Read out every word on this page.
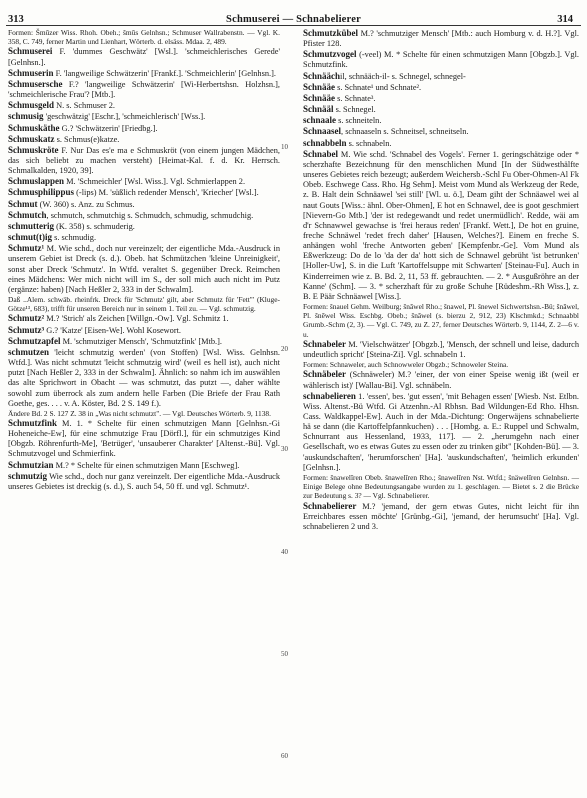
313	Schmuserei — Schnabelierer	314

Formen: Šmūzer Wiss. Rhoh. Obeh.; šmūs Gelnhsn.; Schmuser Wallrabenstn. — Vgl. K. 358, C. 749, ferner Martin und Lienhart, Wörterb. d. elsäss. Mdaa. 2, 489.

Schmuserei F. 'dummes Geschwätz' [Wsl.]. 'schmeichlerisches Gerede' [Gelnhsn.].

Schmuserin F. 'langweilige Schwätzerin' [Frankf.]. 'Schmeichlerin' [Gelnhsn.].

Schmusersche F.? 'langweilige Schwätzerin' [Wi-Herbertshsn. Holzhsn.], 'schmeichlerische Frau'? [Mtb.].

Schmusgeld N. s. Schmuser 2.

schmusig 'geschwätzig' [Eschr.], 'schmeichlerisch' [Wss.].

Schmuskäthe G.? 'Schwätzerin' [Friedbg.].

Schmuskatz s. Schmus(e)katze.

Schmuskröte F. Nur Das es'e ma e Schmuskröt (von einem jungen Mädchen, das sich beliebt zu machen versteht) [Heimat-Kal. f. d. Kr. Herrsch. Schmalkalden, 1920, 39].

Schmuslappen M. 'Schmeichler' [Wsl. Wiss.]. Vgl. Schmierlappen 2.

Schmusphilippus (-lips) M. 'süßlich redender Mensch', 'Kriecher' [Wsl.].

Schmut (W. 360) s. Anz. zu Schmus.

Schmutch, schmutch, schmutchig s. Schmudch, schmudig, schmudchig.

schmutterig (K. 358) s. schmuderig.

schmut(t)ig s. schmudig.

Schmutz¹ M. Wie schd., doch nur vereinzelt; der eigentliche Mda.-Ausdruck in unserem Gebiet ist Dreck (s. d.). Obeb. hat Schmützchen 'kleine Unreinigkeit', sonst aber Dreck 'Schmutz'. In Wtfd. veraltet S. gegenüber Dreck. Reimchen eines Mädchens: Wer mich nicht will im S., der soll mich auch nicht im Putz (ergänze: haben) [Nach Heßler 2, 333 in der Schwalm].

Daß ..Alem. schwäb. rheinfrk. Dreck für 'Schmutz' gilt, aber Schmutz für 'Fett'" (Kluge-Götze¹³, 683), trifft für unseren Bereich nur in seinem 1. Teil zu. — Vgl. schmutzig.

Schmutz² M.? 'Strich' als Zeichen [Willgn.-Ow]. Vgl. Schmitz 1.

Schmutz³ G.? 'Katze' [Eisen-We]. Wohl Kosewort.

Schmutzapfel M. 'schmutziger Mensch', 'Schmutzfink' [Mtb.].

schmutzen 'leicht schmutzig werden' (von Stoffen) [Wsl. Wiss. Gelnhsn. Wtfd.]. Was nicht schmutzt 'leicht schmutzig wird' (weil es hell ist), auch nicht putzt [Nach Heßler 2, 333 in der Schwalm]. Ähnlich: so nahm ich im auswählen das alte Sprichwort in Obacht — was schmutzt, das putzt —, daher wählte sowohl zum überrock als zum andern helle Farben (Die Briefe der Frau Rath Goethe, ges. . . . v. A. Köster, Bd. 2 S. 149 f.).

Ändere Bd. 2 S. 127 Z. 38 in „Was nicht schmutzt". — Vgl. Deutsches Wörterb. 9, 1138.

Schmutzfink M. 1. * Schelte für einen schmutzigen Mann [Gelnhsn.-Gi Hoheneiche-Ew], für eine schmutzige Frau [Dörfl.], für ein schmutziges Kind [Obgzb. Röhrenfurth-Me], 'Betrüger', 'unsauberer Charakter' [Altenst.-Bü]. Vgl. Schmutzvogel und Schmierfink.

Schmutzian M.? * Schelte für einen schmutzigen Mann [Eschweg].

schmutzig Wie schd., doch nur ganz vereinzelt. Der eigentliche Mda.-Ausdruck unseres Gebietes ist dreckig (s. d.), S. auch 54, 50 ff. und vgl. Schmutz¹.

Schmutzkübel M.? 'schmutziger Mensch' [Mtb.: auch Homburg v. d. H.?]. Vgl. Pfister 128.

Schmutzvogel (-veel) M. * Schelte für einen schmutzigen Mann [Obgzb.]. Vgl. Schmutzfink.

Schnäächil, schnääch-il- s. Schnegel, schnegel-

Schnääe s. Schnate¹ und Schnate².

Schnääe s. Schnate³.

Schnääl s. Schnegel.

schnaale s. schneiteln.

Schnaasel, schnaaseln s. Schneitsel, schneitseln.

schnabbeln s. schnabeln.

Schnabel M. Wie schd. 'Schnabel des Vogels'. Ferner 1. geringschätzige oder * scherzhafte Bezeichnung für den menschlichen Mund [In der Südwesthälfte unseres Gebietes reich bezeugt; außerdem Weichersb.-Schl Fu Ober-Ohmen-Al Fk Obeb. Eschwege Cass. Rho. Hg Sehm]. Meist vom Mund als Werkzeug der Rede, z. B. Halt dein Schnäawel 'sei still' [Wl. u. ö.], Deam giht der Schnäawel wei al naut Gouts [Wiss.: ähnl. Ober-Ohmen], E hot en Schnawel, dee is goot geschmiert [Nievern-Go Mtb.] 'der ist redegewandt und redet unermüdlich'. Redde, wäi am d'r Schnawwel gewachse is 'frei heraus reden' [Frankf. Wett.], De hot en gruine, freche Schnäwel 'redet frech daher' [Hausen, Welches?]. Einem en freche S. anhängen wohl 'freche Antworten geben' [Kempfenbr.-Ge]. Vom Mund als Eßwerkzeug: Do de lo 'da der da' hott sich de Schnawel gebrüht 'ist betrunken' [Holler-Uw], S. in die Luft 'Kartoffelsuppe mit Schwarten' [Steinau-Fu]. Auch in Kinderreimen wie z. B. Bd. 2, 11, 53 ff. gebrauchten. — 2. * Ausgußröhre an der Kanne' (Schm]. — 3. * scherzhaft für zu große Schuhe [Rüdeshm.-Rh Wiss.], z. B. E Päär Schnäawel [Wiss.].

Formen: šnauel Gehm. Weilburg; šnāwel Rho.; šnawel, Pl. šnewel Sichwertshsn.-Bü; šnāwel, Pl. šnēwel Wiss. Eschbg. Obeb.; šnāwel (s. bierzu 2, 912, 23) Klschmkd.; Schnaabbl Grumb.-Schm (2, 3). — Vgl. C. 749, zu Z. 27, ferner Deutsches Wörterb. 9, 1144, Z. 2—6 v. u.

Schnabeler M. 'Vielschwätzer' [Obgzb.], 'Mensch, der schnell und leise, dadurch undeutlich spricht' [Steina-Zi]. Vgl. schnabeln 1.

Formen: Schnaweler, auch Schnowweler Obgzb.; Schnoweler Steina.

Schnäbeler (Schnäweler) M.? 'einer, der von einer Speise wenig ißt (weil er wählerisch ist)' [Wallau-Bi]. Vgl. schnäbeln.

schnabelieren 1. 'essen', bes. 'gut essen', 'mit Behagen essen' [Wiesb. Nst. Etlbn. Wiss. Altenst.-Bü Wtfd. Gi Atzenhn.-Al Rbhsn. Bad Wildungen-Ed Rho. Hhsn. Cass. Waldkappel-Ew]. Auch in der Mda.-Dichtung: Ongerwäjens schnabelierte hä se dann (die Kartoffelpfannkuchen) . . . [Hombg. a. E.: Ruppel und Schwalm, Schnurrant aus Hessenland, 1933, 117]. — 2. „herumgehn nach einer Gesellschaft, wo es etwas Gutes zu essen oder zu trinken gibt" [Kohden-Bü]. — 3. 'auskundschaften', 'herumforschen' [Ha]. 'auskundschaften', 'heimlich erkunden' [Gelnhsn.].

Formen: šnawelīren Obeb. šnawelīren Rho.; šnawelīren Nst. Wtfd.; šnäwelīren Gelnhsn. — Einige Belege ohne Bedeutungsangabe wurden zu 1. geschlagen. — Bietet s. 2 die Brücke zur Bedeutung s. 3? — Vgl. Schnabelierer.

Schnabelierer M.? 'jemand, der gern etwas Gutes, nicht leicht für ihn Erreichbares essen möchte' [Grünbg.-Gi], 'jemand, der herumsucht' [Ha]. Vgl. schnabelieren 2 und 3.

10
20
30
40
50
60
